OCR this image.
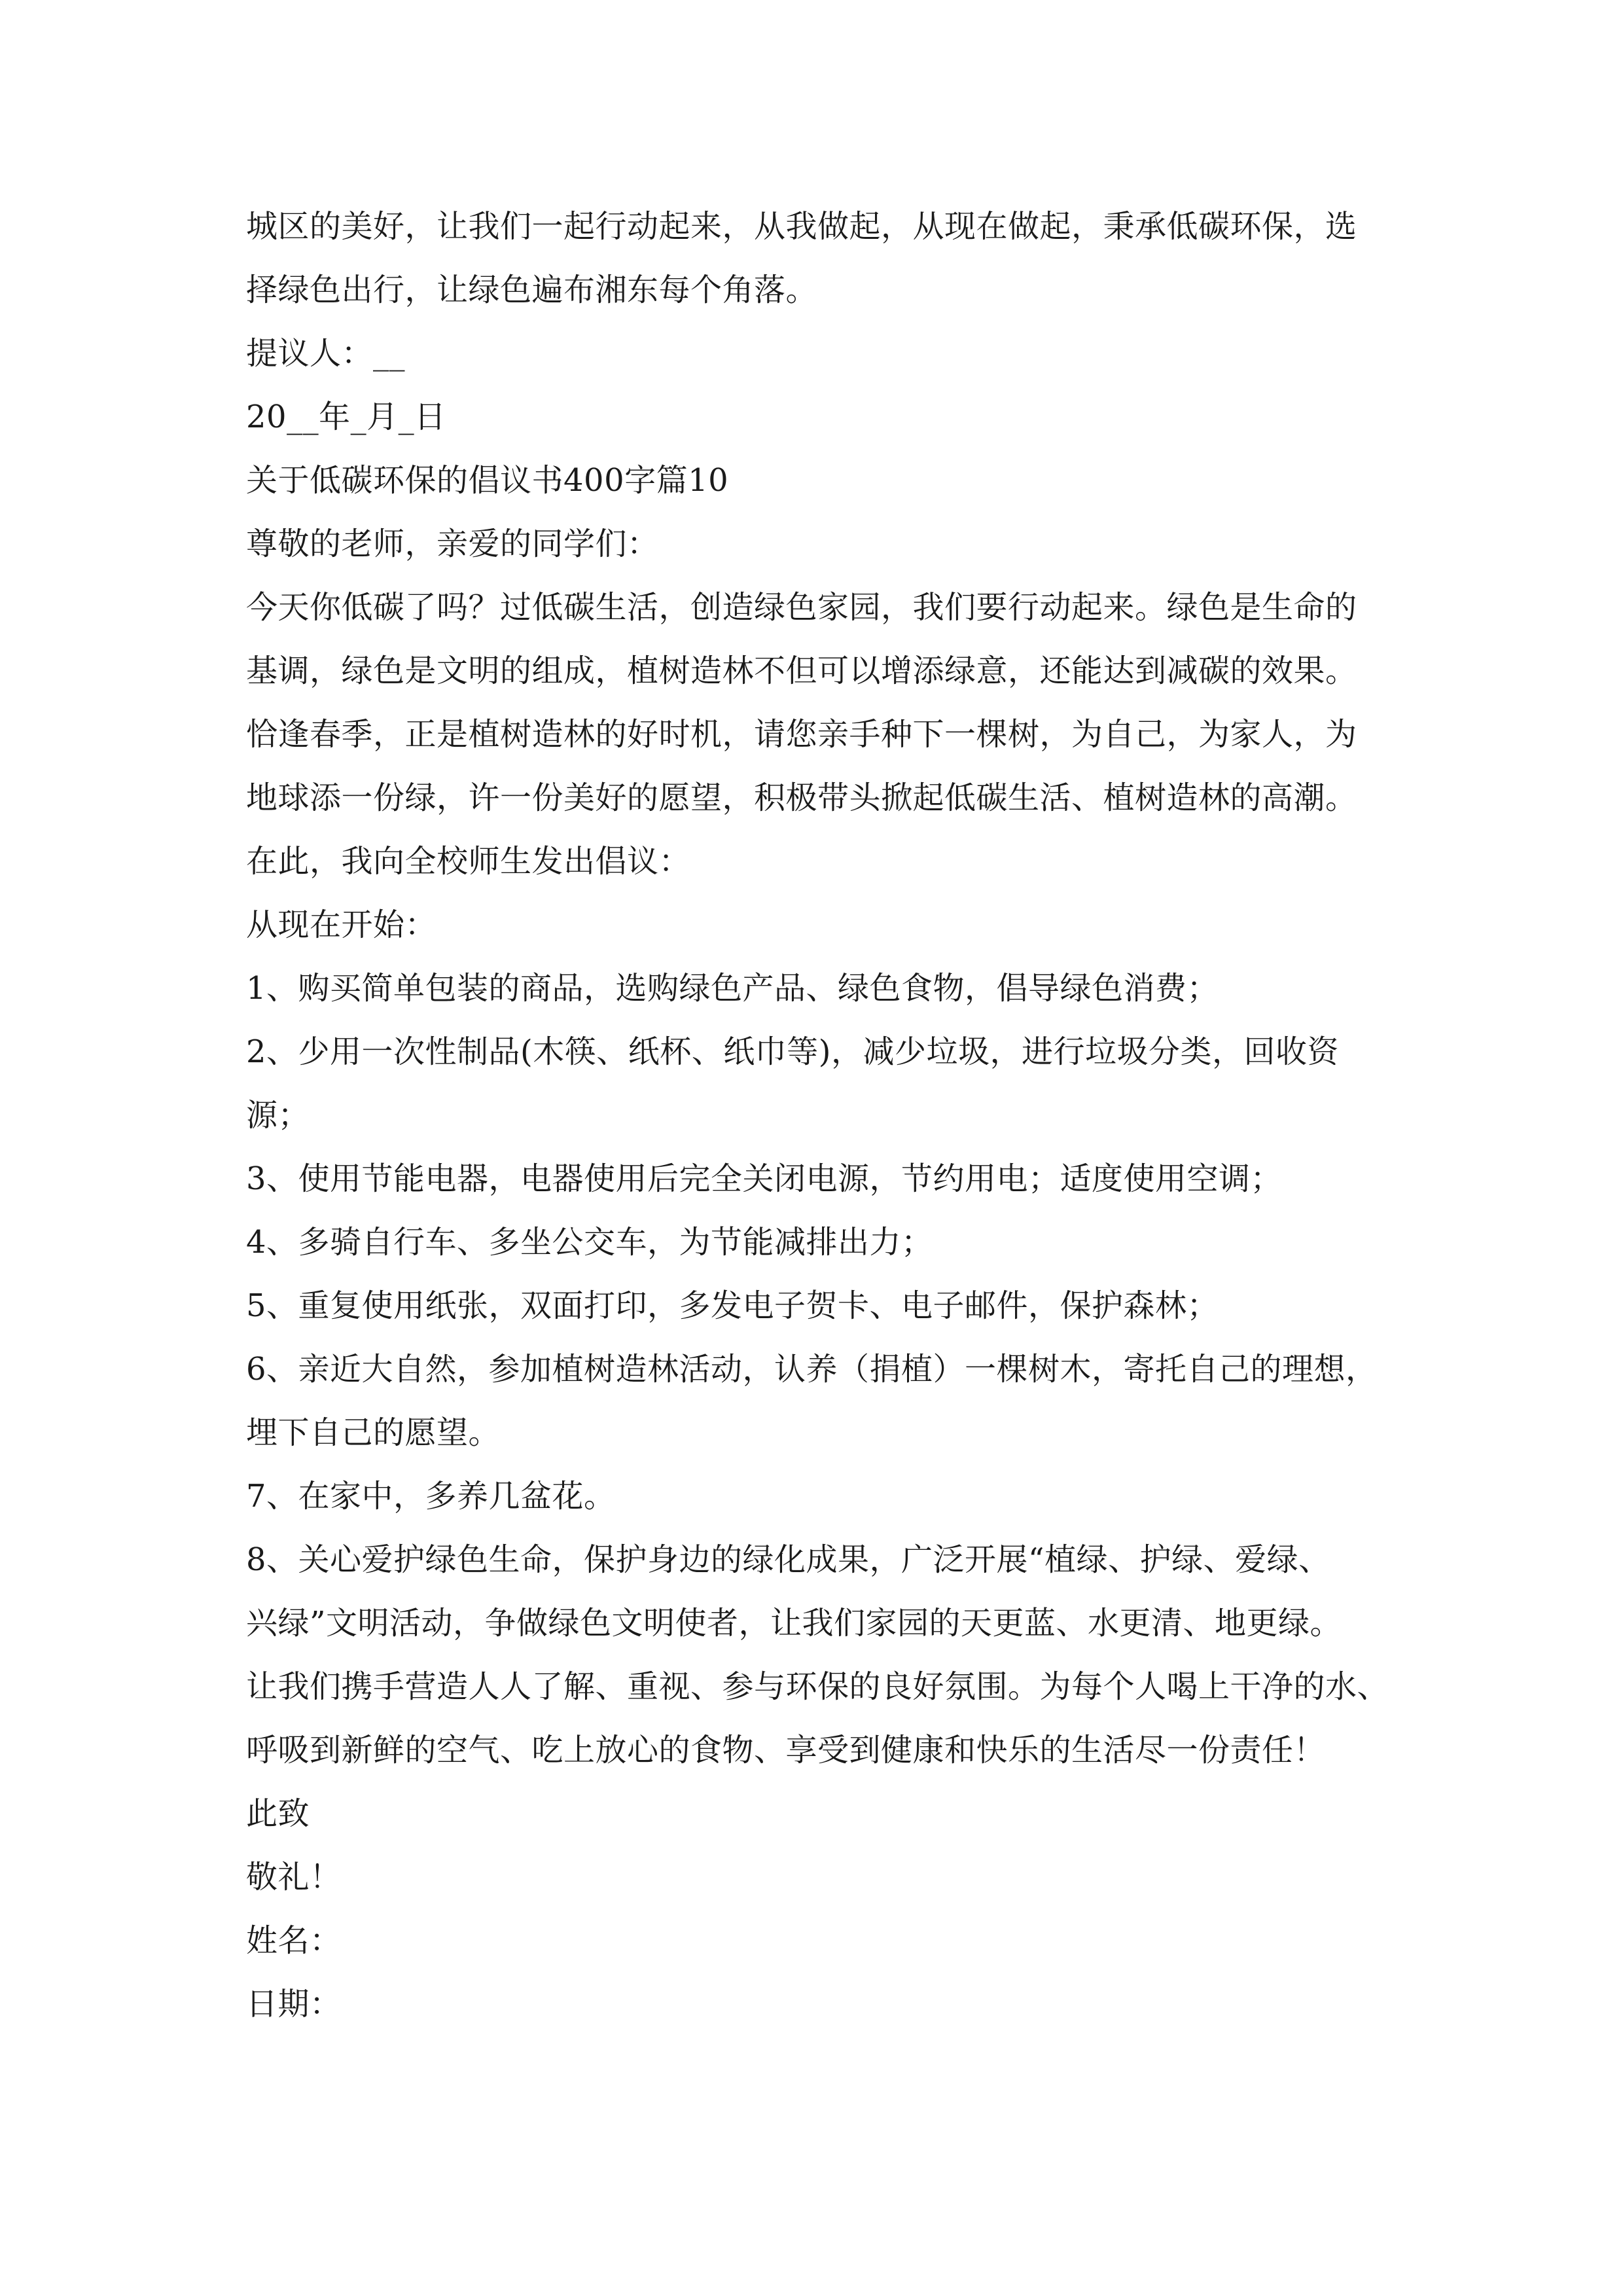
城区的美好，让我们一起行动起来，从我做起，从现在做起，秉承低碳环保，选
择绿色出行，让绿色遍布湘东每个角落。
提议人：__
20__年_月_日
关于低碳环保的倡议书400字篇10
尊敬的老师，亲爱的同学们：
今天你低碳了吗？过低碳生活，创造绿色家园，我们要行动起来。绿色是生命的
基调，绿色是文明的组成，植树造林不但可以增添绿意，还能达到减碳的效果。
恰逢春季，正是植树造林的好时机，请您亲手种下一棵树，为自己，为家人，为
地球添一份绿，许一份美好的愿望，积极带头掀起低碳生活、植树造林的高潮。
在此，我向全校师生发出倡议：
从现在开始：
1、购买简单包装的商品，选购绿色产品、绿色食物，倡导绿色消费；
2、少用一次性制品(木筷、纸杯、纸巾等)，减少垃圾，进行垃圾分类，回收资
源；
3、使用节能电器，电器使用后完全关闭电源，节约用电；适度使用空调；
4、多骑自行车、多坐公交车，为节能减排出力；
5、重复使用纸张，双面打印，多发电子贺卡、电子邮件，保护森林；
6、亲近大自然，参加植树造林活动，认养（捐植）一棵树木，寄托自己的理想，
埋下自己的愿望。
7、在家中，多养几盆花。
8、关心爱护绿色生命，保护身边的绿化成果，广泛开展“植绿、护绿、爱绿、
兴绿”文明活动，争做绿色文明使者，让我们家园的天更蓝、水更清、地更绿。
让我们携手营造人人了解、重视、参与环保的良好氛围。为每个人喝上干净的水、
呼吸到新鲜的空气、吃上放心的食物、享受到健康和快乐的生活尽一份责任！
此致
敬礼！
姓名：
日期：
